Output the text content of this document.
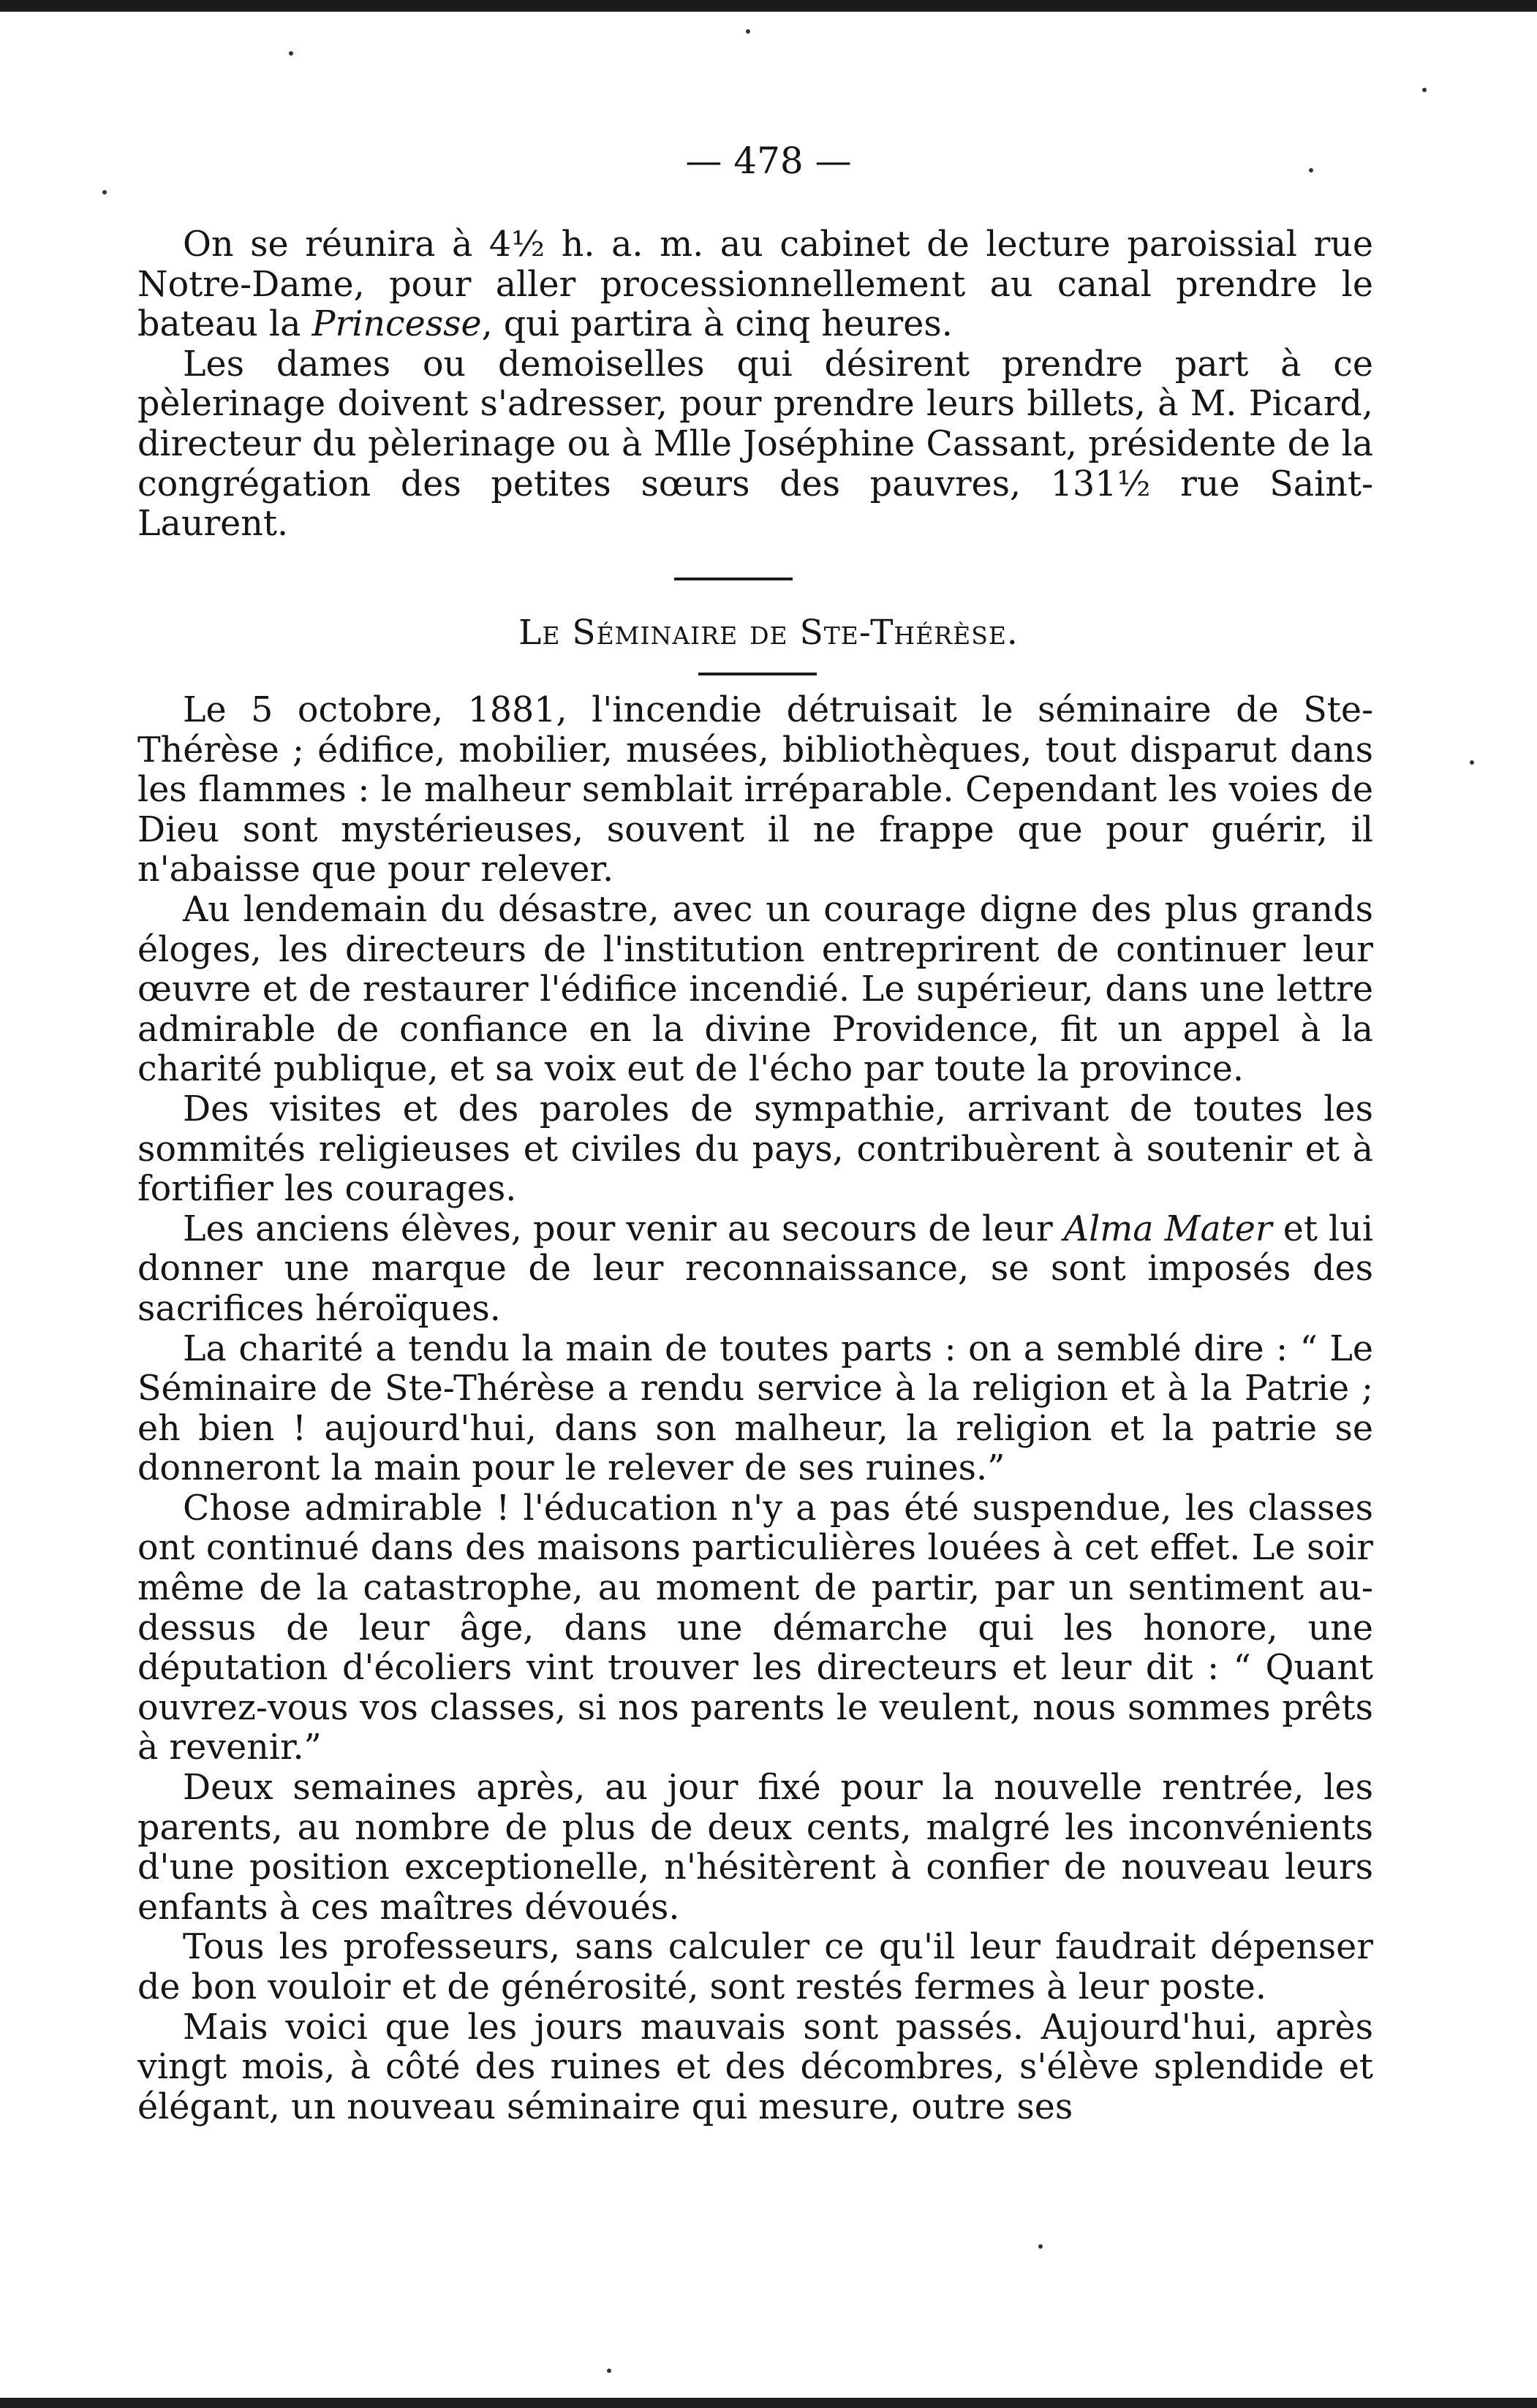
— 478 —

On se réunira à 4½ h. a. m. au cabinet de lecture paroissial rue Notre-Dame, pour aller processionnellement au canal prendre le bateau la Princesse, qui partira à cinq heures.

Les dames ou demoiselles qui désirent prendre part à ce pèlerinage doivent s'adresser, pour prendre leurs billets, à M. Picard, directeur du pèlerinage ou à Mlle Joséphine Cassant, présidente de la congrégation des petites sœurs des pauvres, 131½ rue Saint-Laurent.

Le Séminaire de Ste-Thérèse.

Le 5 octobre, 1881, l'incendie détruisait le séminaire de Ste-Thérèse ; édifice, mobilier, musées, bibliothèques, tout disparut dans les flammes : le malheur semblait irréparable. Cependant les voies de Dieu sont mystérieuses, souvent il ne frappe que pour guérir, il n'abaisse que pour relever.

Au lendemain du désastre, avec un courage digne des plus grands éloges, les directeurs de l'institution entreprirent de continuer leur œuvre et de restaurer l'édifice incendié. Le supérieur, dans une lettre admirable de confiance en la divine Providence, fit un appel à la charité publique, et sa voix eut de l'écho par toute la province.

Des visites et des paroles de sympathie, arrivant de toutes les sommités religieuses et civiles du pays, contribuèrent à soutenir et à fortifier les courages.

Les anciens élèves, pour venir au secours de leur Alma Mater et lui donner une marque de leur reconnaissance, se sont imposés des sacrifices héroïques.

La charité a tendu la main de toutes parts : on a semblé dire : “ Le Séminaire de Ste-Thérèse a rendu service à la religion et à la Patrie ; eh bien ! aujourd'hui, dans son malheur, la religion et la patrie se donneront la main pour le relever de ses ruines.”

Chose admirable ! l'éducation n'y a pas été suspendue, les classes ont continué dans des maisons particulières louées à cet effet. Le soir même de la catastrophe, au moment de partir, par un sentiment au-dessus de leur âge, dans une démarche qui les honore, une députation d'écoliers vint trouver les directeurs et leur dit : “ Quant ouvrez-vous vos classes, si nos parents le veulent, nous sommes prêts à revenir.”

Deux semaines après, au jour fixé pour la nouvelle rentrée, les parents, au nombre de plus de deux cents, malgré les inconvénients d'une position exceptionelle, n'hésitèrent à confier de nouveau leurs enfants à ces maîtres dévoués.

Tous les professeurs, sans calculer ce qu'il leur faudrait dépenser de bon vouloir et de générosité, sont restés fermes à leur poste.

Mais voici que les jours mauvais sont passés. Aujourd'hui, après vingt mois, à côté des ruines et des décombres, s'élève splendide et élégant, un nouveau séminaire qui mesure, outre ses
